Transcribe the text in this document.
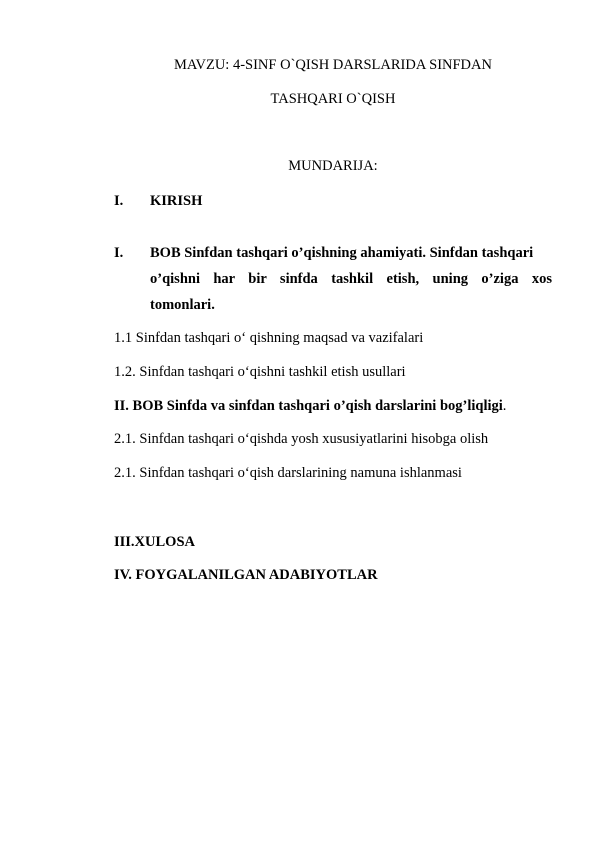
MAVZU: 4-SINF O`QISH DARSLARIDA SINFDAN
TASHQARI O`QISH
MUNDARIJA:
I. KIRISH
I. BOB Sinfdan tashqari o’qishning ahamiyati. Sinfdan tashqari
o’qishni har bir sinfda tashkil etish, uning o’ziga xos
tomonlari.
1.1 Sinfdan tashqari o‘ qishning maqsad va vazifalari
1.2. Sinfdan tashqari o‘qishni tashkil etish usullari
II. BOB Sinfda va sinfdan tashqari o’qish darslarini bog’liqligi.
2.1. Sinfdan tashqari o‘qishda yosh xususiyatlarini hisobga olish
2.1. Sinfdan tashqari o‘qish darslarining namuna ishlanmasi
III.XULOSA
IV. FOYGALANILGAN ADABIYOTLAR
